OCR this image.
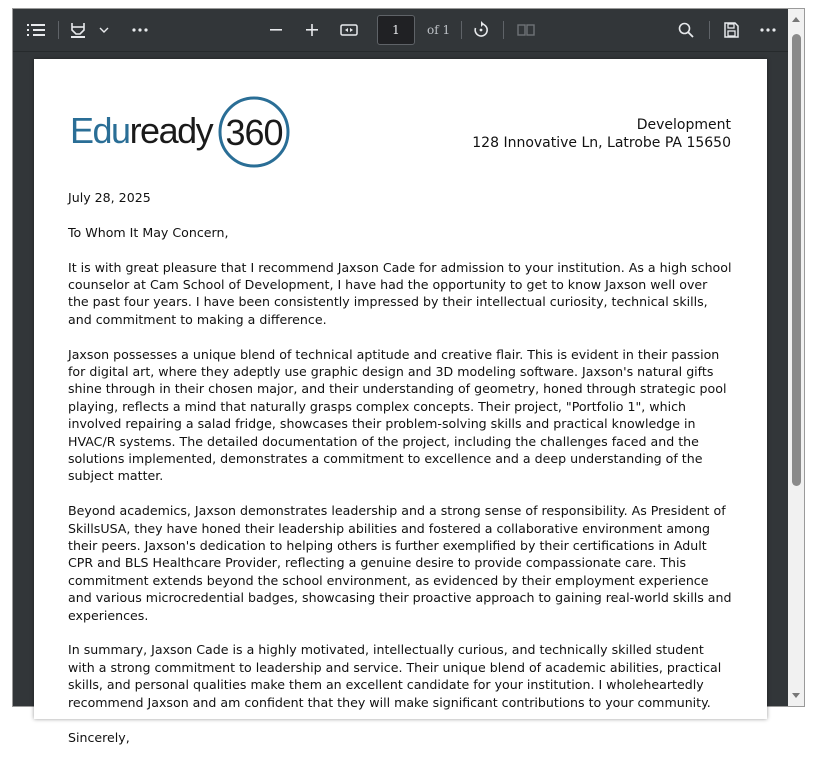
1 of 1
Eduready 360	Development
128 Innovative Ln, Latrobe PA 15650

July 28, 2025

To Whom It May Concern,

It is with great pleasure that I recommend Jaxson Cade for admission to your institution. As a high school counselor at Cam School of Development, I have had the opportunity to get to know Jaxson well over the past four years. I have been consistently impressed by their intellectual curiosity, technical skills, and commitment to making a difference.

Jaxson possesses a unique blend of technical aptitude and creative flair. This is evident in their passion for digital art, where they adeptly use graphic design and 3D modeling software. Jaxson's natural gifts shine through in their chosen major, and their understanding of geometry, honed through strategic pool playing, reflects a mind that naturally grasps complex concepts. Their project, "Portfolio 1", which involved repairing a salad fridge, showcases their problem-solving skills and practical knowledge in HVAC/R systems. The detailed documentation of the project, including the challenges faced and the solutions implemented, demonstrates a commitment to excellence and a deep understanding of the subject matter.

Beyond academics, Jaxson demonstrates leadership and a strong sense of responsibility. As President of SkillsUSA, they have honed their leadership abilities and fostered a collaborative environment among their peers. Jaxson's dedication to helping others is further exemplified by their certifications in Adult CPR and BLS Healthcare Provider, reflecting a genuine desire to provide compassionate care. This commitment extends beyond the school environment, as evidenced by their employment experience and various microcredential badges, showcasing their proactive approach to gaining real-world skills and experiences.

In summary, Jaxson Cade is a highly motivated, intellectually curious, and technically skilled student with a strong commitment to leadership and service. Their unique blend of academic abilities, practical skills, and personal qualities make them an excellent candidate for your institution. I wholeheartedly recommend Jaxson and am confident that they will make significant contributions to your community.

Sincerely,
